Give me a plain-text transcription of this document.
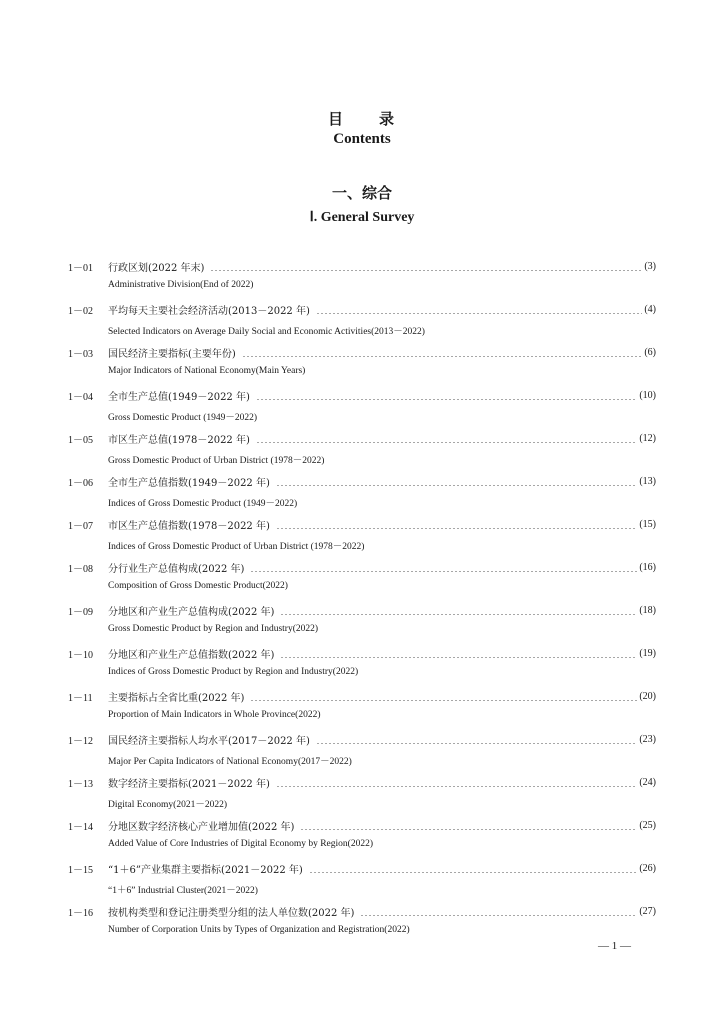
目　　录
Contents
一、综合
Ⅰ. General Survey
1－01	行政区划(2022 年末)	(3)
Administrative Division(End of 2022)
1－02	平均每天主要社会经济活动(2013－2022 年)	(4)
Selected Indicators on Average Daily Social and Economic Activities(2013－2022)
1－03	国民经济主要指标(主要年份)	(6)
Major Indicators of National Economy(Main Years)
1－04	全市生产总值(1949－2022 年)	(10)
Gross Domestic Product (1949－2022)
1－05	市区生产总值(1978－2022 年)	(12)
Gross Domestic Product of Urban District (1978－2022)
1－06	全市生产总值指数(1949－2022 年)	(13)
Indices of Gross Domestic Product (1949－2022)
1－07	市区生产总值指数(1978－2022 年)	(15)
Indices of Gross Domestic Product of Urban District (1978－2022)
1－08	分行业生产总值构成(2022 年)	(16)
Composition of Gross Domestic Product(2022)
1－09	分地区和产业生产总值构成(2022 年)	(18)
Gross Domestic Product by Region and Industry(2022)
1－10	分地区和产业生产总值指数(2022 年)	(19)
Indices of Gross Domestic Product by Region and Industry(2022)
1－11	主要指标占全省比重(2022 年)	(20)
Proportion of Main Indicators in Whole Province(2022)
1－12	国民经济主要指标人均水平(2017－2022 年)	(23)
Major Per Capita Indicators of National Economy(2017－2022)
1－13	数字经济主要指标(2021－2022 年)	(24)
Digital Economy(2021－2022)
1－14	分地区数字经济核心产业增加值(2022 年)	(25)
Added Value of Core Industries of Digital Economy by Region(2022)
1－15	“1＋6”产业集群主要指标(2021－2022 年)	(26)
“1＋6” Industrial Cluster(2021－2022)
1－16	按机构类型和登记注册类型分组的法人单位数(2022 年)	(27)
Number of Corporation Units by Types of Organization and Registration(2022)
— 1 —
